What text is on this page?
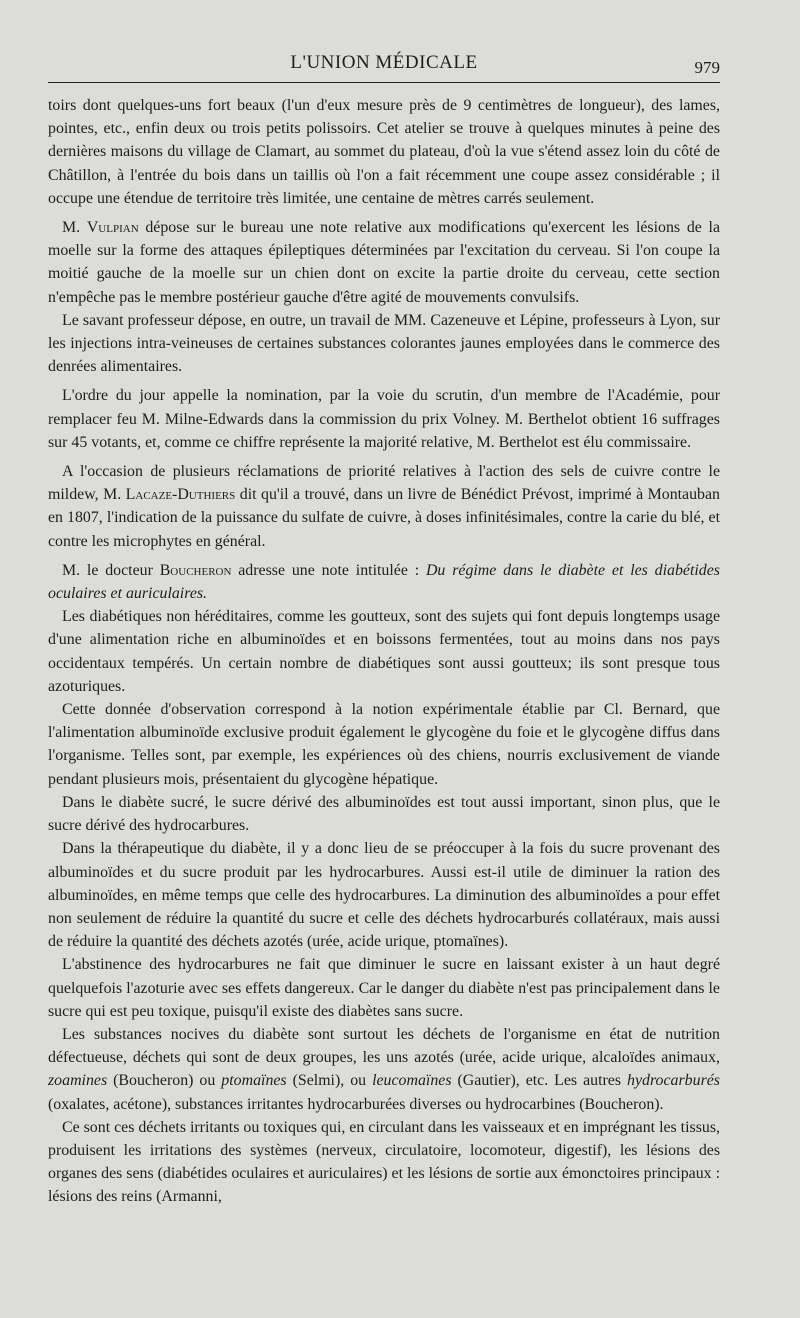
L'UNION MÉDICALE	979

toirs dont quelques-uns fort beaux (l'un d'eux mesure près de 9 centimètres de longueur), des lames, pointes, etc., enfin deux ou trois petits polissoirs. Cet atelier se trouve à quelques minutes à peine des dernières maisons du village de Clamart, au sommet du plateau, d'où la vue s'étend assez loin du côté de Châtillon, à l'entrée du bois dans un taillis où l'on a fait récemment une coupe assez considérable ; il occupe une étendue de territoire très limitée, une centaine de mètres carrés seulement.

M. Vulpian dépose sur le bureau une note relative aux modifications qu'exercent les lésions de la moelle sur la forme des attaques épileptiques déterminées par l'excitation du cerveau. Si l'on coupe la moitié gauche de la moelle sur un chien dont on excite la partie droite du cerveau, cette section n'empêche pas le membre postérieur gauche d'être agité de mouvements convulsifs.

Le savant professeur dépose, en outre, un travail de MM. Cazeneuve et Lépine, professeurs à Lyon, sur les injections intra-veineuses de certaines substances colorantes jaunes employées dans le commerce des denrées alimentaires.

L'ordre du jour appelle la nomination, par la voie du scrutin, d'un membre de l'Académie, pour remplacer feu M. Milne-Edwards dans la commission du prix Volney. M. Berthelot obtient 16 suffrages sur 45 votants, et, comme ce chiffre représente la majorité relative, M. Berthelot est élu commissaire.

A l'occasion de plusieurs réclamations de priorité relatives à l'action des sels de cuivre contre le mildew, M. Lacaze-Duthiers dit qu'il a trouvé, dans un livre de Bénédict Prévost, imprimé à Montauban en 1807, l'indication de la puissance du sulfate de cuivre, à doses infinitésimales, contre la carie du blé, et contre les microphytes en général.

M. le docteur Boucheron adresse une note intitulée : Du régime dans le diabète et les diabétides oculaires et auriculaires.

Les diabétiques non héréditaires, comme les goutteux, sont des sujets qui font depuis longtemps usage d'une alimentation riche en albuminoïdes et en boissons fermentées, tout au moins dans nos pays occidentaux tempérés. Un certain nombre de diabétiques sont aussi goutteux; ils sont presque tous azoturiques.

Cette donnée d'observation correspond à la notion expérimentale établie par Cl. Bernard, que l'alimentation albuminoïde exclusive produit également le glycogène du foie et le glycogène diffus dans l'organisme. Telles sont, par exemple, les expériences où des chiens, nourris exclusivement de viande pendant plusieurs mois, présentaient du glycogène hépatique.

Dans le diabète sucré, le sucre dérivé des albuminoïdes est tout aussi important, sinon plus, que le sucre dérivé des hydrocarbures.

Dans la thérapeutique du diabète, il y a donc lieu de se préoccuper à la fois du sucre provenant des albuminoïdes et du sucre produit par les hydrocarbures. Aussi est-il utile de diminuer la ration des albuminoïdes, en même temps que celle des hydrocarbures. La diminution des albuminoïdes a pour effet non seulement de réduire la quantité du sucre et celle des déchets hydrocarburés collatéraux, mais aussi de réduire la quantité des déchets azotés (urée, acide urique, ptomaïnes).

L'abstinence des hydrocarbures ne fait que diminuer le sucre en laissant exister à un haut degré quelquefois l'azoturie avec ses effets dangereux. Car le danger du diabète n'est pas principalement dans le sucre qui est peu toxique, puisqu'il existe des diabètes sans sucre.

Les substances nocives du diabète sont surtout les déchets de l'organisme en état de nutrition défectueuse, déchets qui sont de deux groupes, les uns azotés (urée, acide urique, alcaloïdes animaux, zoamines (Boucheron) ou ptomaïnes (Selmi), ou leucomaïnes (Gautier), etc. Les autres hydrocarburés (oxalates, acétone), substances irritantes hydrocarburées diverses ou hydrocarbines (Boucheron).

Ce sont ces déchets irritants ou toxiques qui, en circulant dans les vaisseaux et en imprégnant les tissus, produisent les irritations des systèmes (nerveux, circulatoire, locomoteur, digestif), les lésions des organes des sens (diabétides oculaires et auriculaires) et les lésions de sortie aux émonctoires principaux : lésions des reins (Armanni,
